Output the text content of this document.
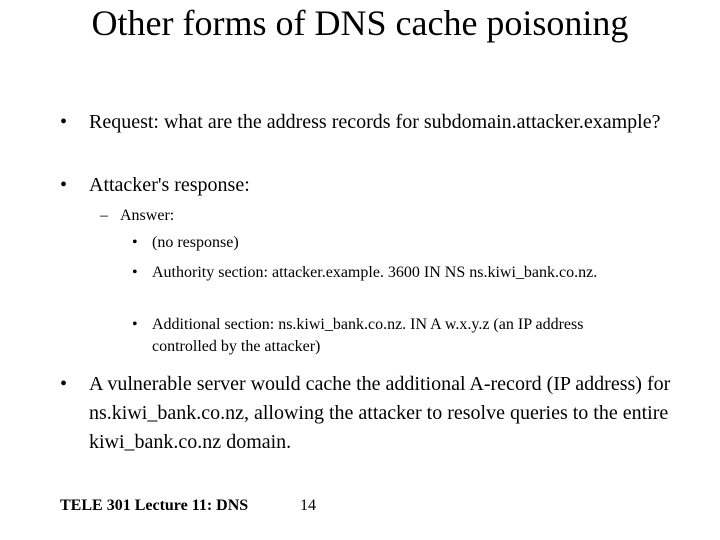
Other forms of DNS cache poisoning
• Request: what are the address records for subdomain.attacker.example?
• Attacker's response:
– Answer:
• (no response)
• Authority section: attacker.example. 3600 IN NS ns.kiwi_bank.co.nz.
• Additional section: ns.kiwi_bank.co.nz. IN A w.x.y.z (an IP address controlled by the attacker)
• A vulnerable server would cache the additional A-record (IP address) for ns.kiwi_bank.co.nz, allowing the attacker to resolve queries to the entire kiwi_bank.co.nz domain.
TELE 301 Lecture 11: DNS	14
